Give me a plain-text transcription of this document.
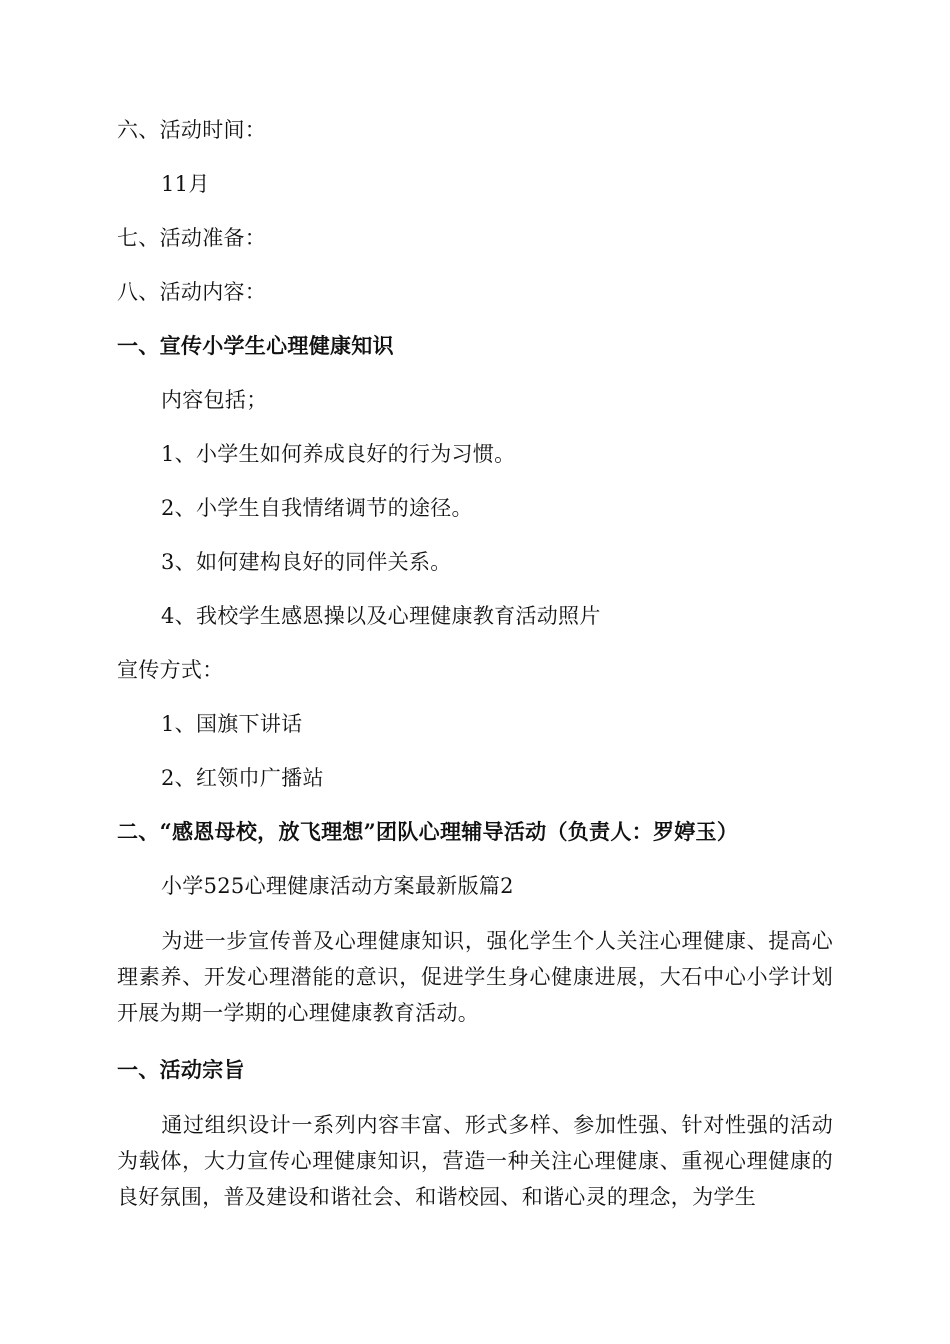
六、活动时间：
11月
七、活动准备：
八、活动内容：
一、宣传小学生心理健康知识
内容包括；
1、小学生如何养成良好的行为习惯。
2、小学生自我情绪调节的途径。
3、如何建构良好的同伴关系。
4、我校学生感恩操以及心理健康教育活动照片
宣传方式：
1、国旗下讲话
2、红领巾广播站
二、“感恩母校，放飞理想”团队心理辅导活动（负责人：罗婷玉）
小学525心理健康活动方案最新版篇2
为进一步宣传普及心理健康知识，强化学生个人关注心理健康、提高心理素养、开发心理潜能的意识，促进学生身心健康进展，大石中心小学计划开展为期一学期的心理健康教育活动。
一、活动宗旨
通过组织设计一系列内容丰富、形式多样、参加性强、针对性强的活动为载体，大力宣传心理健康知识，营造一种关注心理健康、重视心理健康的良好氛围，普及建设和谐社会、和谐校园、和谐心灵的理念，为学生
